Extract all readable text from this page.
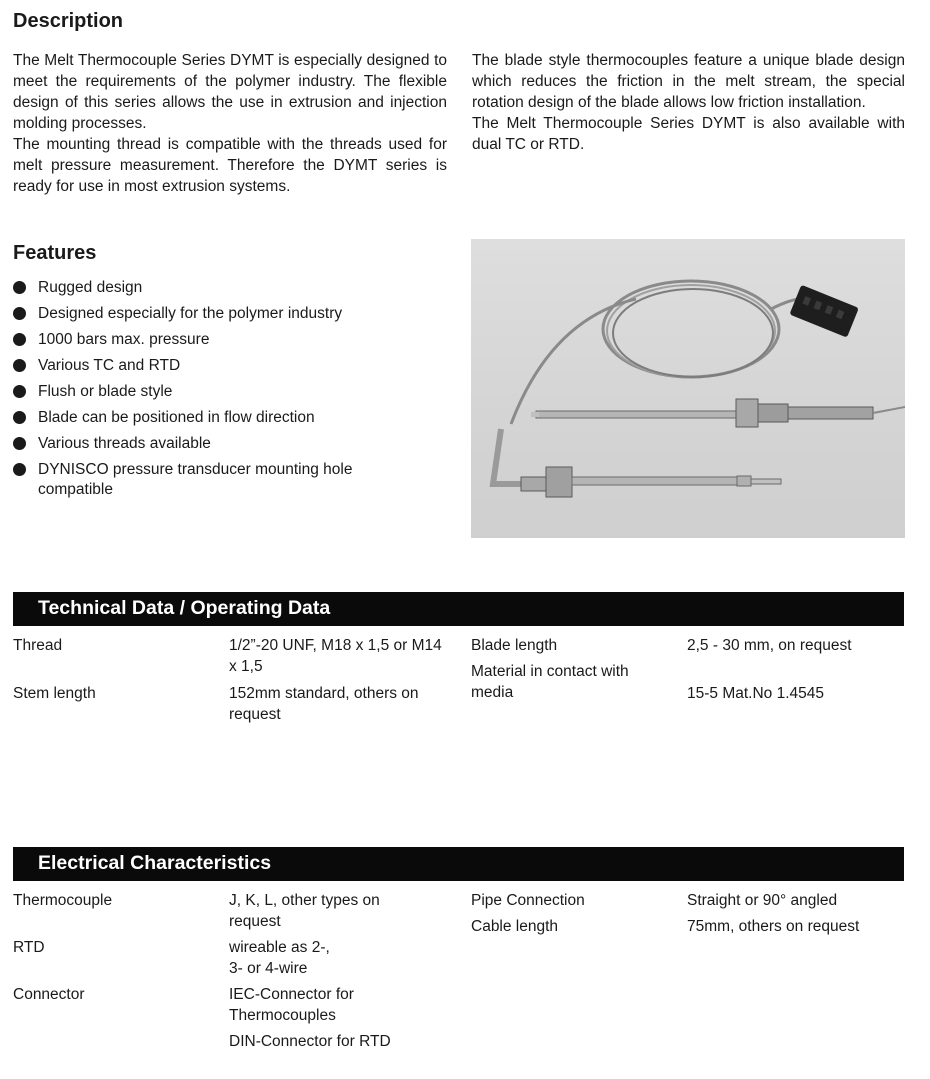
Description

The Melt Thermocouple Series DYMT is especially designed to meet the requirements of the polymer industry. The flexible design of this series allows the use in extrusion and injection molding processes.

The mounting thread is compatible with the threads used for melt pressure measurement. Therefore the DYMT series is ready for use in most extrusion systems.

The blade style thermocouples feature a unique blade design which reduces the friction in the melt stream, the special rotation design of the blade allows low friction installation.

The Melt Thermocouple Series DYMT is also available with dual TC or RTD.

Features
Rugged design
Designed especially for the polymer industry
1000 bars max. pressure
Various TC and RTD
Flush or blade style
Blade can be positioned in flow direction
Various threads available
DYNISCO pressure transducer mounting hole compatible
Technical Data / Operating Data
Thread	1/2”-20 UNF, M18 x 1,5 or M14 x 1,5
Stem length	152mm standard, others on request
Blade length	2,5 - 30 mm, on request
Material in contact with media	15-5 Mat.No 1.4545
Electrical Characteristics
Thermocouple	J, K, L, other types on request
RTD	wireable as 2-, 3- or 4-wire
Connector	IEC-Connector for Thermocouples
DIN-Connector for RTD
Pipe Connection	Straight or 90° angled
Cable length	75mm, others on request
